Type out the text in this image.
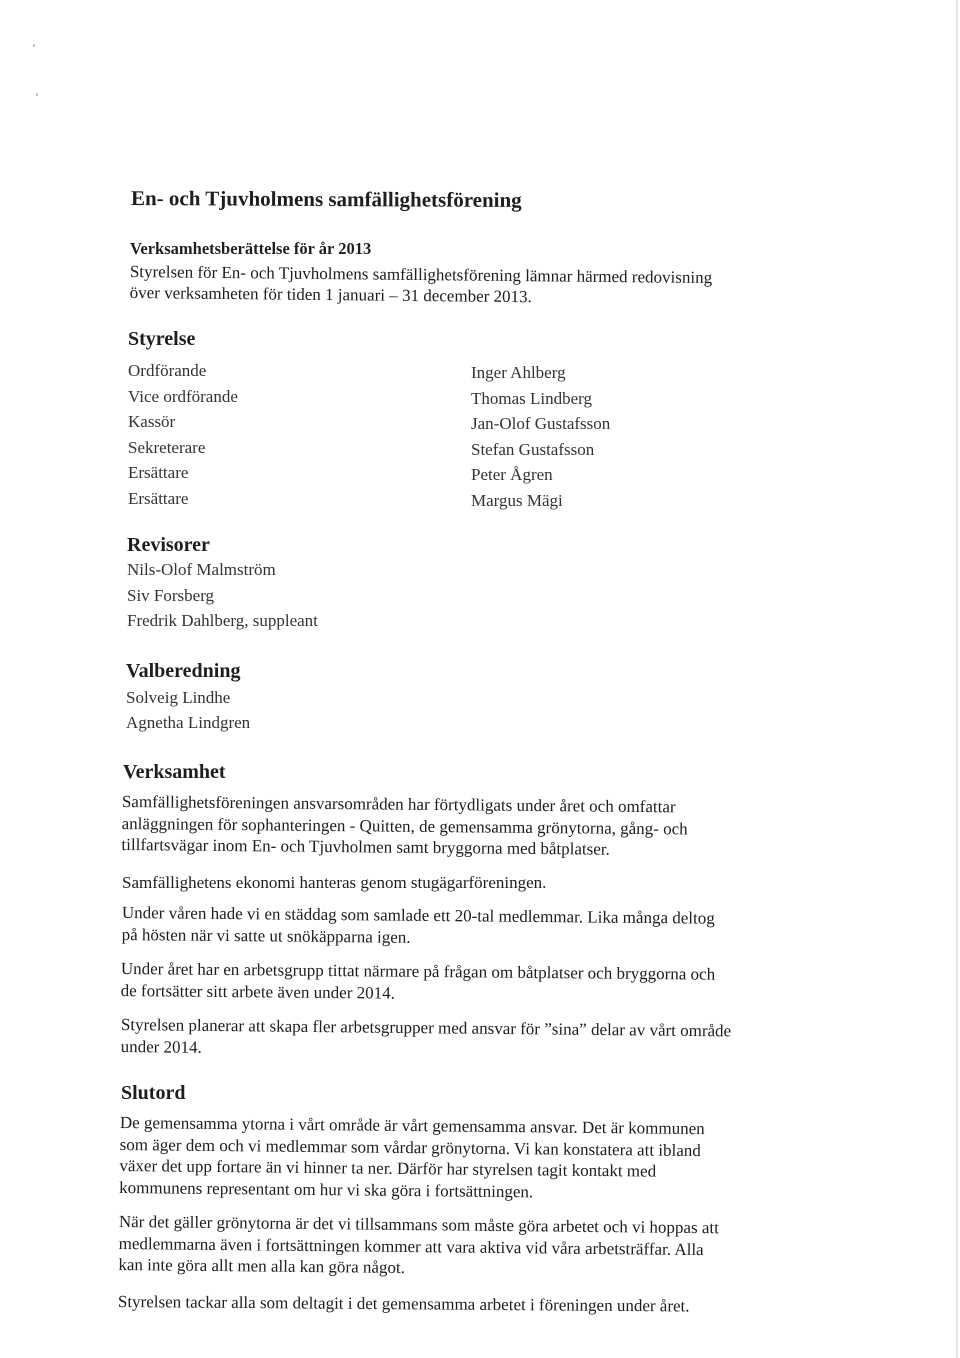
En- och Tjuvholmens samfällighetsförening
Verksamhetsberättelse för år 2013
Styrelsen för En- och Tjuvholmens samfällighetsförening lämnar härmed redovisning
över verksamheten för tiden 1 januari – 31 december 2013.
Styrelse
Ordförande
Vice ordförande
Kassör
Sekreterare
Ersättare
Ersättare
Inger Ahlberg
Thomas Lindberg
Jan-Olof Gustafsson
Stefan Gustafsson
Peter Ågren
Margus Mägi
Revisorer
Nils-Olof Malmström
Siv Forsberg
Fredrik Dahlberg, suppleant
Valberedning
Solveig Lindhe
Agnetha Lindgren
Verksamhet
Samfällighetsföreningen ansvarsområden har förtydligats under året och omfattar
anläggningen för sophanteringen - Quitten, de gemensamma grönytorna, gång- och
tillfartsvägar inom En- och Tjuvholmen samt bryggorna med båtplatser.
Samfällighetens ekonomi hanteras genom stugägarföreningen.
Under våren hade vi en städdag som samlade ett 20-tal medlemmar. Lika många deltog
på hösten när vi satte ut snökäpparna igen.
Under året har en arbetsgrupp tittat närmare på frågan om båtplatser och bryggorna och
de fortsätter sitt arbete även under 2014.
Styrelsen planerar att skapa fler arbetsgrupper med ansvar för ”sina” delar av vårt område
under 2014.
Slutord
De gemensamma ytorna i vårt område är vårt gemensamma ansvar. Det är kommunen
som äger dem och vi medlemmar som vårdar grönytorna. Vi kan konstatera att ibland
växer det upp fortare än vi hinner ta ner. Därför har styrelsen tagit kontakt med
kommunens representant om hur vi ska göra i fortsättningen.
När det gäller grönytorna är det vi tillsammans som måste göra arbetet och vi hoppas att
medlemmarna även i fortsättningen kommer att vara aktiva vid våra arbetsträffar. Alla
kan inte göra allt men alla kan göra något.
Styrelsen tackar alla som deltagit i det gemensamma arbetet i föreningen under året.
